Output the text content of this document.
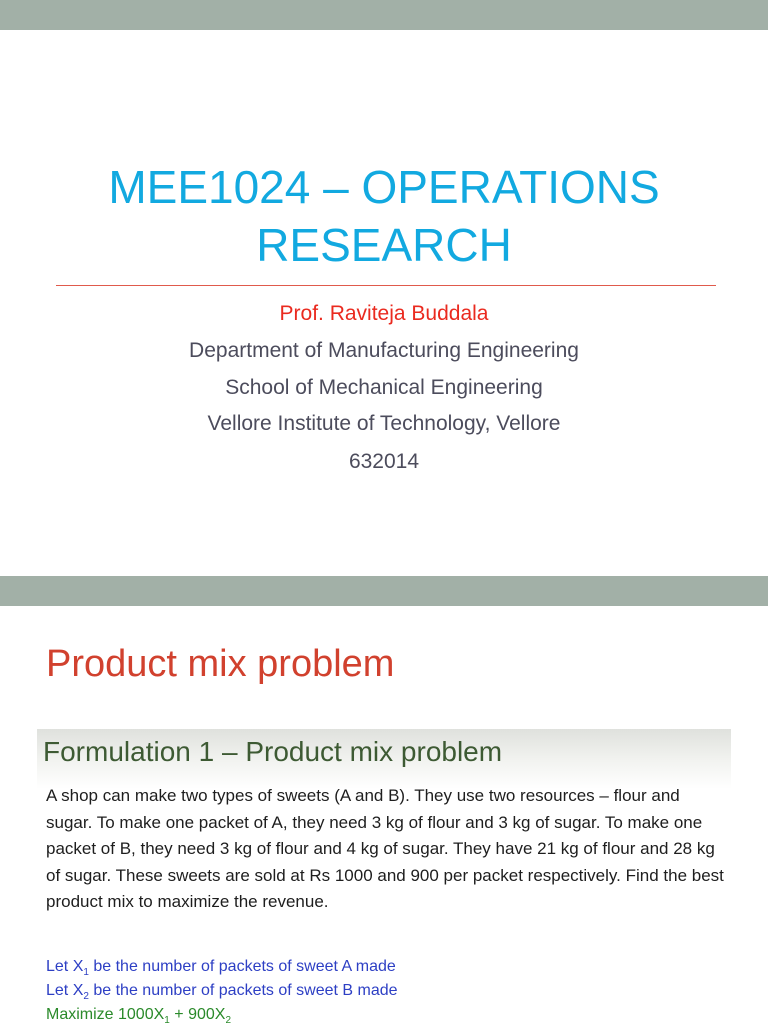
MEE1024 – OPERATIONS
RESEARCH
Prof. Raviteja Buddala
Department of Manufacturing Engineering
School of Mechanical Engineering
Vellore Institute of Technology, Vellore
632014
Product mix problem
Formulation 1 – Product mix problem

A shop can make two types of sweets (A and B). They use two resources – flour and sugar. To make one packet of A, they need 3 kg of flour and 3 kg of sugar. To make one packet of B, they need 3 kg of flour and 4 kg of sugar. They have 21 kg of flour and 28 kg of sugar. These sweets are sold at Rs 1000 and 900 per packet respectively. Find the best product mix to maximize the revenue.

Let $X_1$ be the number of packets of sweet A made
Let $X_2$ be the number of packets of sweet B made
Maximize $1000X_1 + 900X_2$
